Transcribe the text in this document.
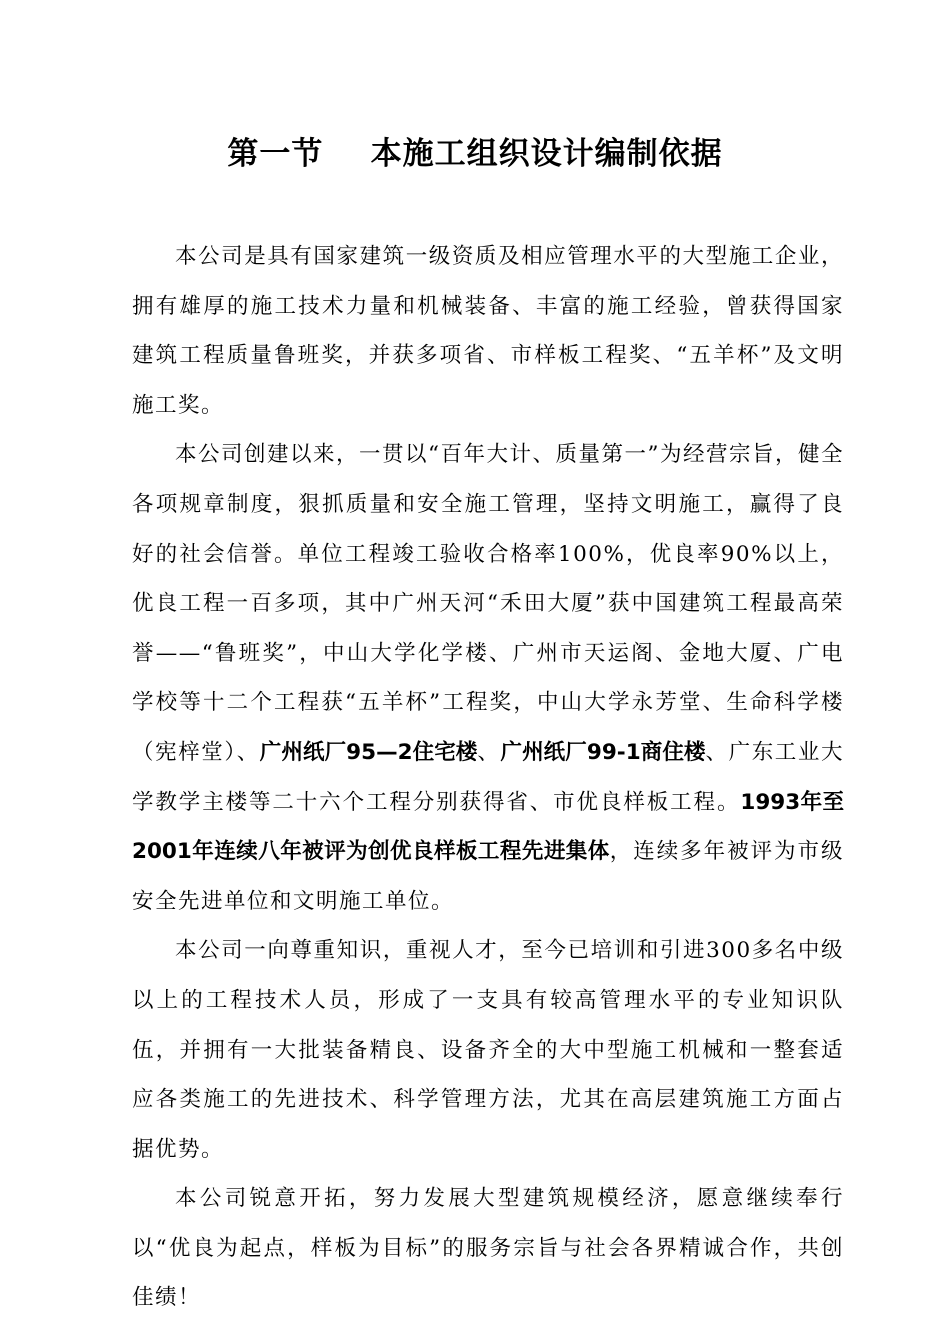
第一节    本施工组织设计编制依据

本公司是具有国家建筑一级资质及相应管理水平的大型施工企业，拥有雄厚的施工技术力量和机械装备、丰富的施工经验，曾获得国家建筑工程质量鲁班奖，并获多项省、市样板工程奖、“五羊杯”及文明施工奖。

本公司创建以来，一贯以“百年大计、质量第一”为经营宗旨，健全各项规章制度，狠抓质量和安全施工管理，坚持文明施工，赢得了良好的社会信誉。单位工程竣工验收合格率100%，优良率90%以上，优良工程一百多项，其中广州天河“禾田大厦”获中国建筑工程最高荣誉——“鲁班奖”，中山大学化学楼、广州市天运阁、金地大厦、广电学校等十二个工程获“五羊杯”工程奖，中山大学永芳堂、生命科学楼（宪梓堂）、广州纸厂95—2住宅楼、广州纸厂99-1商住楼、广东工业大学教学主楼等二十六个工程分别获得省、市优良样板工程。1993年至2001年连续八年被评为创优良样板工程先进集体，连续多年被评为市级安全先进单位和文明施工单位。

本公司一向尊重知识，重视人才，至今已培训和引进300多名中级以上的工程技术人员，形成了一支具有较高管理水平的专业知识队伍，并拥有一大批装备精良、设备齐全的大中型施工机械和一整套适应各类施工的先进技术、科学管理方法，尤其在高层建筑施工方面占据优势。

本公司锐意开拓，努力发展大型建筑规模经济，愿意继续奉行以“优良为起点，样板为目标”的服务宗旨与社会各界精诚合作，共创佳绩！
